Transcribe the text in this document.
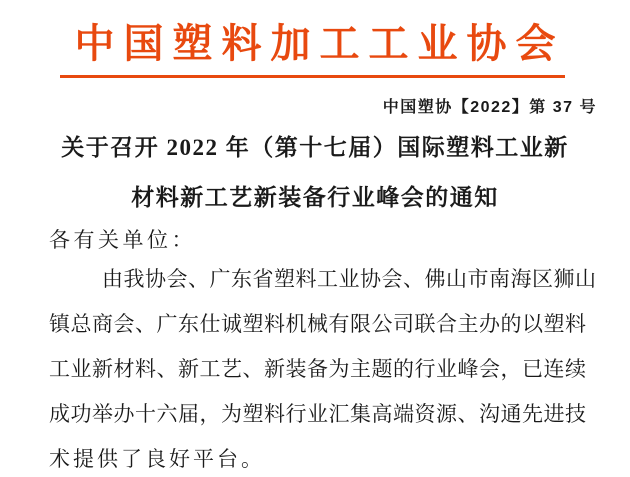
中国塑料加工工业协会
中国塑协【2022】第 37 号
关于召开 2022 年（第十七届）国际塑料工业新
材料新工艺新装备行业峰会的通知
各有关单位：
由我协会、广东省塑料工业协会、佛山市南海区狮山
镇总商会、广东仕诚塑料机械有限公司联合主办的以塑料
工业新材料、新工艺、新装备为主题的行业峰会，已连续
成功举办十六届，为塑料行业汇集高端资源、沟通先进技
术提供了良好平台。
